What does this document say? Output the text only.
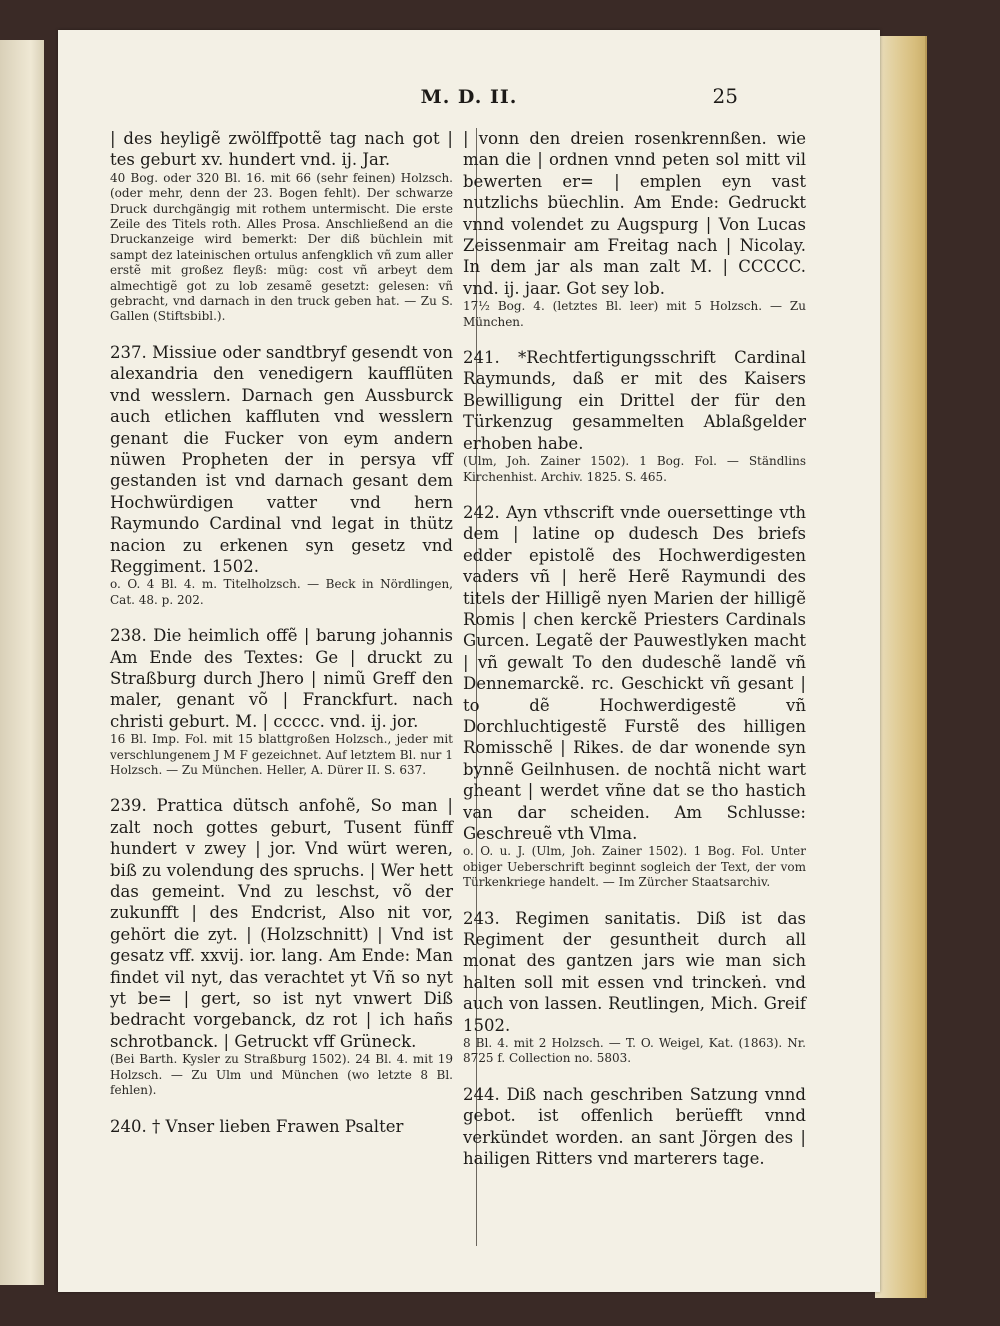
M. D. II.	25

| des heyligẽ zwölffpottẽ tag nach got | tes geburt xv. hundert vnd. ij. Jar.

40 Bog. oder 320 Bl. 16. mit 66 (sehr feinen) Holzsch. (oder mehr, denn der 23. Bogen fehlt). Der schwarze Druck durchgängig mit rothem untermischt. Die erste Zeile des Titels roth. Alles Prosa. Anschließend an die Druckanzeige wird bemerkt: Der diß büchlein mit sampt dez lateinischen ortulus anfengklich vñ zum aller erstẽ mit großez fleyß: müg: cost vñ arbeyt dem almechtigẽ got zu lob zesamẽ gesetzt: gelesen: vñ gebracht, vnd darnach in den truck geben hat. — Zu S. Gallen (Stiftsbibl.).

237. Missiue oder sandtbryf gesendt von alexandria den venedigern kaufflüten vnd wesslern. Darnach gen Aussburck auch etlichen kaffluten vnd wesslern genant die Fucker von eym andern nüwen Propheten der in persya vff gestanden ist vnd darnach gesant dem Hochwürdigen vatter vnd hern Raymundo Cardinal vnd legat in thütz nacion zu erkenen syn gesetz vnd Reggiment. 1502.

o. O. 4 Bl. 4. m. Titelholzsch. — Beck in Nördlingen, Cat. 48. p. 202.

238. Die heimlich offẽ | barung johannis Am Ende des Textes: Ge | druckt zu Straßburg durch Jhero | nimũ Greff den maler, genant võ | Franckfurt. nach christi geburt. M. | ccccc. vnd. ij. jor.

16 Bl. Imp. Fol. mit 15 blattgroßen Holzsch., jeder mit verschlungenem J M F gezeichnet. Auf letztem Bl. nur 1 Holzsch. — Zu München. Heller, A. Dürer II. S. 637.

239. Prattica dütsch anfohẽ, So man | zalt noch gottes geburt, Tusent fünff hundert v zwey | jor. Vnd würt weren, biß zu volendung des spruchs. | Wer hett das gemeint. Vnd zu leschst, võ der zukunfft | des Endcrist, Also nit vor, gehört die zyt. | (Holzschnitt) | Vnd ist gesatz vff. xxvij. ior. lang. Am Ende: Man findet vil nyt, das verachtet yt Vñ so nyt yt be= | gert, so ist nyt vnwert Diß bedracht vorgebanck, dz rot | ich hañs schrotbanck. | Getruckt vff Grüneck.

(Bei Barth. Kysler zu Straßburg 1502). 24 Bl. 4. mit 19 Holzsch. — Zu Ulm und München (wo letzte 8 Bl. fehlen).

240. † Vnser lieben Frawen Psalter

| vonn den dreien rosenkrennßen. wie man die | ordnen vnnd peten sol mitt vil bewerten er= | emplen eyn vast nutzlichs büechlin. Am Ende: Gedruckt vnnd volendet zu Augspurg | Von Lucas Zeissenmair am Freitag nach | Nicolay. In dem jar als man zalt M. | CCCCC. vnd. ij. jaar. Got sey lob.

17½ Bog. 4. (letztes Bl. leer) mit 5 Holzsch. — Zu München.

241. *Rechtfertigungsschrift Cardinal Raymunds, daß er mit des Kaisers Bewilligung ein Drittel der für den Türkenzug gesammelten Ablaßgelder erhoben habe.

(Ulm, Joh. Zainer 1502). 1 Bog. Fol. — Ständlins Kirchenhist. Archiv. 1825. S. 465.

242. Ayn vthscrift vnde ouersettinge vth dem | latine op dudesch Des briefs edder epistolẽ des Hochwerdigesten vaders vñ | herẽ Herẽ Raymundi des titels der Hilligẽ nyen Marien der hilligẽ Romis | chen kerckẽ Priesters Cardinals Gurcen. Legatẽ der Pauwestlyken macht | vñ gewalt To den dudeschẽ landẽ vñ Dennemarckẽ. rc. Geschickt vñ gesant | to dẽ Hochwerdigestẽ vñ Dorchluchtigestẽ Furstẽ des hilligen Romisschẽ | Rikes. de dar wonende syn bynnẽ Geilnhusen. de nochtã nicht wart gheant | werdet vñne dat se tho hastich van dar scheiden. Am Schlusse: Geschreuẽ vth Vlma.

o. O. u. J. (Ulm, Joh. Zainer 1502). 1 Bog. Fol. Unter obiger Ueberschrift beginnt sogleich der Text, der vom Türkenkriege handelt. — Im Zürcher Staatsarchiv.

243. Regimen sanitatis. Diß ist das Regiment der gesuntheit durch all monat des gantzen jars wie man sich halten soll mit essen vnd trinckeṅ. vnd auch von lassen. Reutlingen, Mich. Greif 1502.

8 Bl. 4. mit 2 Holzsch. — T. O. Weigel, Kat. (1863). Nr. 8725 f. Collection no. 5803.

244. Diß nach geschriben Satzung vnnd gebot. ist offenlich berüefft vnnd verkündet worden. an sant Jörgen des | hailigen Ritters vnd marterers tage.
